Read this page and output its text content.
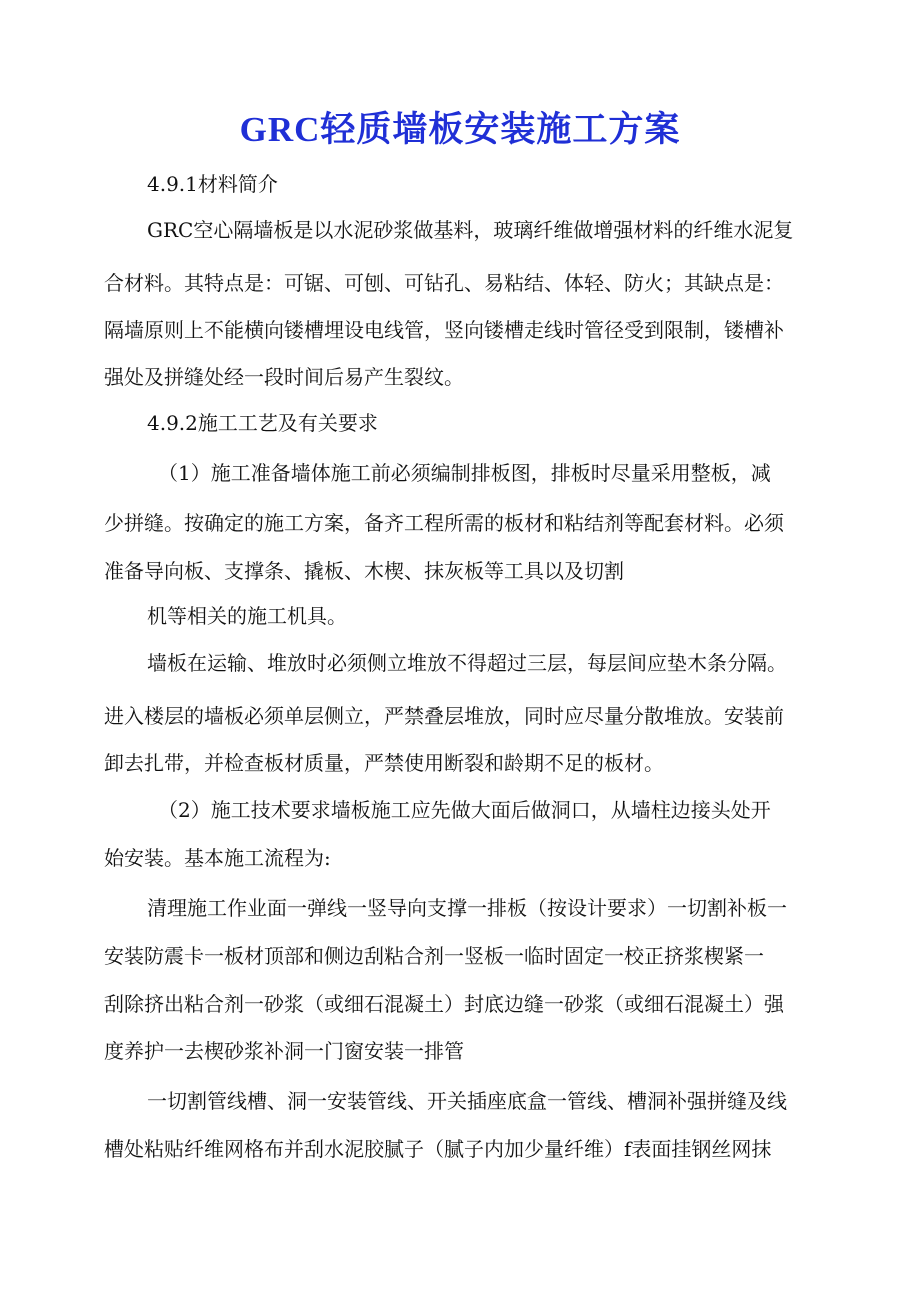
GRC轻质墙板安装施工方案
4.9.1材料简介
GRC空心隔墙板是以水泥砂浆做基料，玻璃纤维做增强材料的纤维水泥复
合材料。其特点是：可锯、可刨、可钻孔、易粘结、体轻、防火；其缺点是：
隔墙原则上不能横向镂槽埋设电线管，竖向镂槽走线时管径受到限制，镂槽补
强处及拼缝处经一段时间后易产生裂纹。
4.9.2施工工艺及有关要求
（1）施工准备墙体施工前必须编制排板图，排板时尽量采用整板，减
少拼缝。按确定的施工方案，备齐工程所需的板材和粘结剂等配套材料。必须
准备导向板、支撑条、撬板、木楔、抹灰板等工具以及切割
机等相关的施工机具。
墙板在运输、堆放时必须侧立堆放不得超过三层，每层间应垫木条分隔。
进入楼层的墙板必须单层侧立，严禁叠层堆放，同时应尽量分散堆放。安装前
卸去扎带，并检查板材质量，严禁使用断裂和龄期不足的板材。
（2）施工技术要求墙板施工应先做大面后做洞口，从墙柱边接头处开
始安装。基本施工流程为:
清理施工作业面一弹线一竖导向支撑一排板（按设计要求）一切割补板一
安装防震卡一板材顶部和侧边刮粘合剂一竖板一临时固定一校正挤浆楔紧一
刮除挤出粘合剂一砂浆（或细石混凝土）封底边缝一砂浆（或细石混凝土）强
度养护一去楔砂浆补洞一门窗安装一排管
一切割管线槽、洞一安装管线、开关插座底盒一管线、槽洞补强拼缝及线
槽处粘贴纤维网格布并刮水泥胶腻子（腻子内加少量纤维）f表面挂钢丝网抹
